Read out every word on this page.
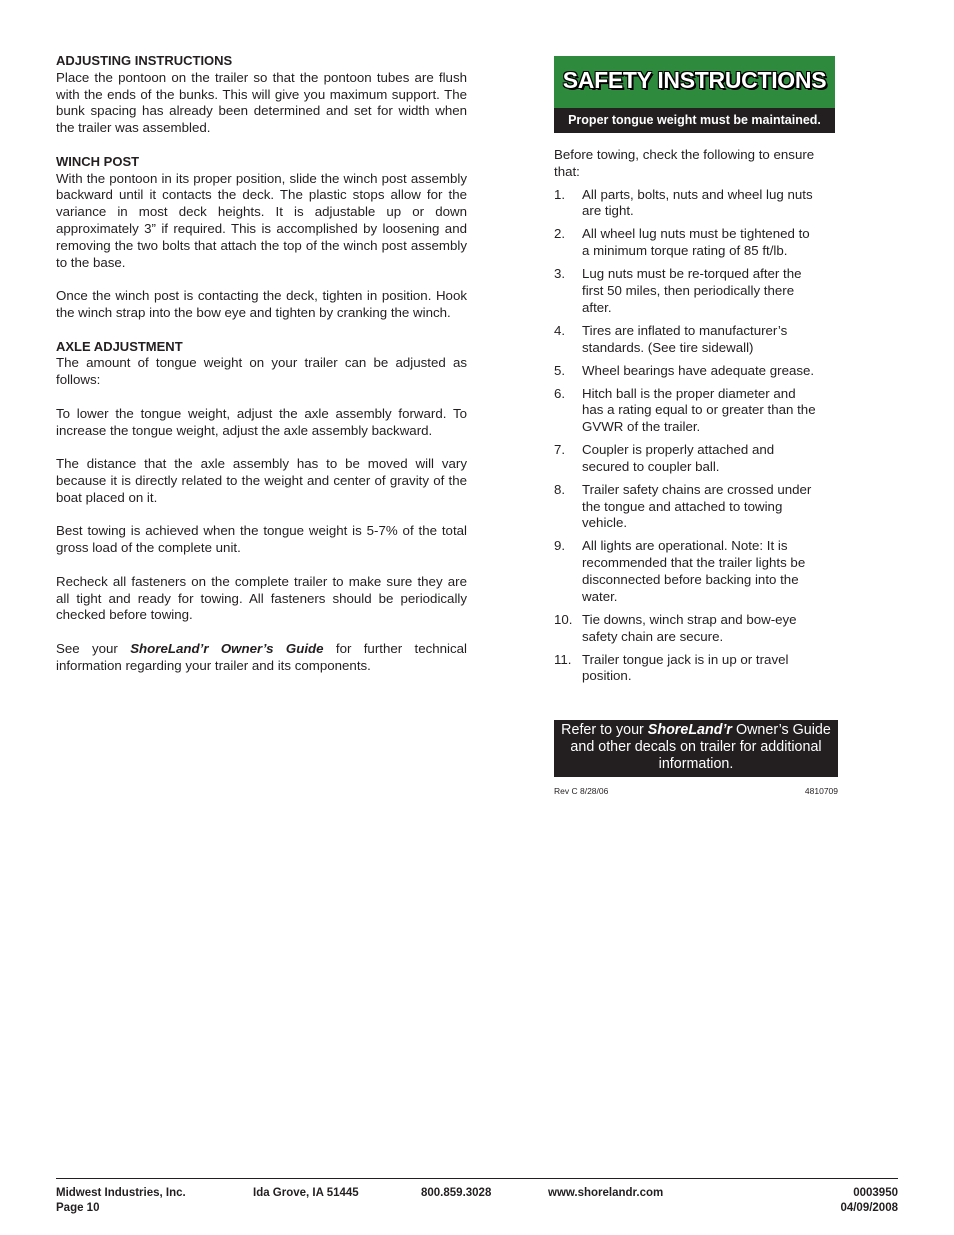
ADJUSTING INSTRUCTIONS

Place the pontoon on the trailer so that the pontoon tubes are flush with the ends of the bunks. This will give you maximum support. The bunk spacing has already been determined and set for width when the trailer was assembled.

WINCH POST

With the pontoon in its proper position, slide the winch post assembly backward until it contacts the deck. The plastic stops allow for the variance in most deck heights. It is adjustable up or down approximately 3” if required. This is accomplished by loosening and removing the two bolts that attach the top of the winch post assembly to the base.

Once the winch post is contacting the deck, tighten in position. Hook the winch strap into the bow eye and tighten by cranking the winch.

AXLE ADJUSTMENT

The amount of tongue weight on your trailer can be adjusted as follows:

To lower the tongue weight, adjust the axle assembly forward. To increase the tongue weight, adjust the axle assembly backward.

The distance that the axle assembly has to be moved will vary because it is directly related to the weight and center of gravity of the boat placed on it.

Best towing is achieved when the tongue weight is 5-7% of the total gross load of the complete unit.

Recheck all fasteners on the complete trailer to make sure they are all tight and ready for towing. All fasteners should be periodically checked before towing.

See your ShoreLand’r Owner’s Guide for further technical information regarding your trailer and its components.

SAFETY INSTRUCTIONS
Proper tongue weight must be maintained.

Before towing, check the following to ensure that:

1. All parts, bolts, nuts and wheel lug nuts are tight.
2. All wheel lug nuts must be tightened to a minimum torque rating of 85 ft/lb.
3. Lug nuts must be re-torqued after the first 50 miles, then periodically there after.
4. Tires are inflated to manufacturer’s standards. (See tire sidewall)
5. Wheel bearings have adequate grease.
6. Hitch ball is the proper diameter and has a rating equal to or greater than the GVWR of the trailer.
7. Coupler is properly attached and secured to coupler ball.
8. Trailer safety chains are crossed under the tongue and attached to towing vehicle.
9. All lights are operational. Note: It is recommended that the trailer lights be disconnected before backing into the water.
10. Tie downs, winch strap and bow-eye safety chain are secure.
11. Trailer tongue jack is in up or travel position.
Refer to your ShoreLand’r Owner’s Guide and other decals on trailer for additional information.
Rev C 8/28/06	4810709
Midwest Industries, Inc.
Page 10
Ida Grove, IA 51445	800.859.3028	www.shorelandr.com	0003950
04/09/2008
